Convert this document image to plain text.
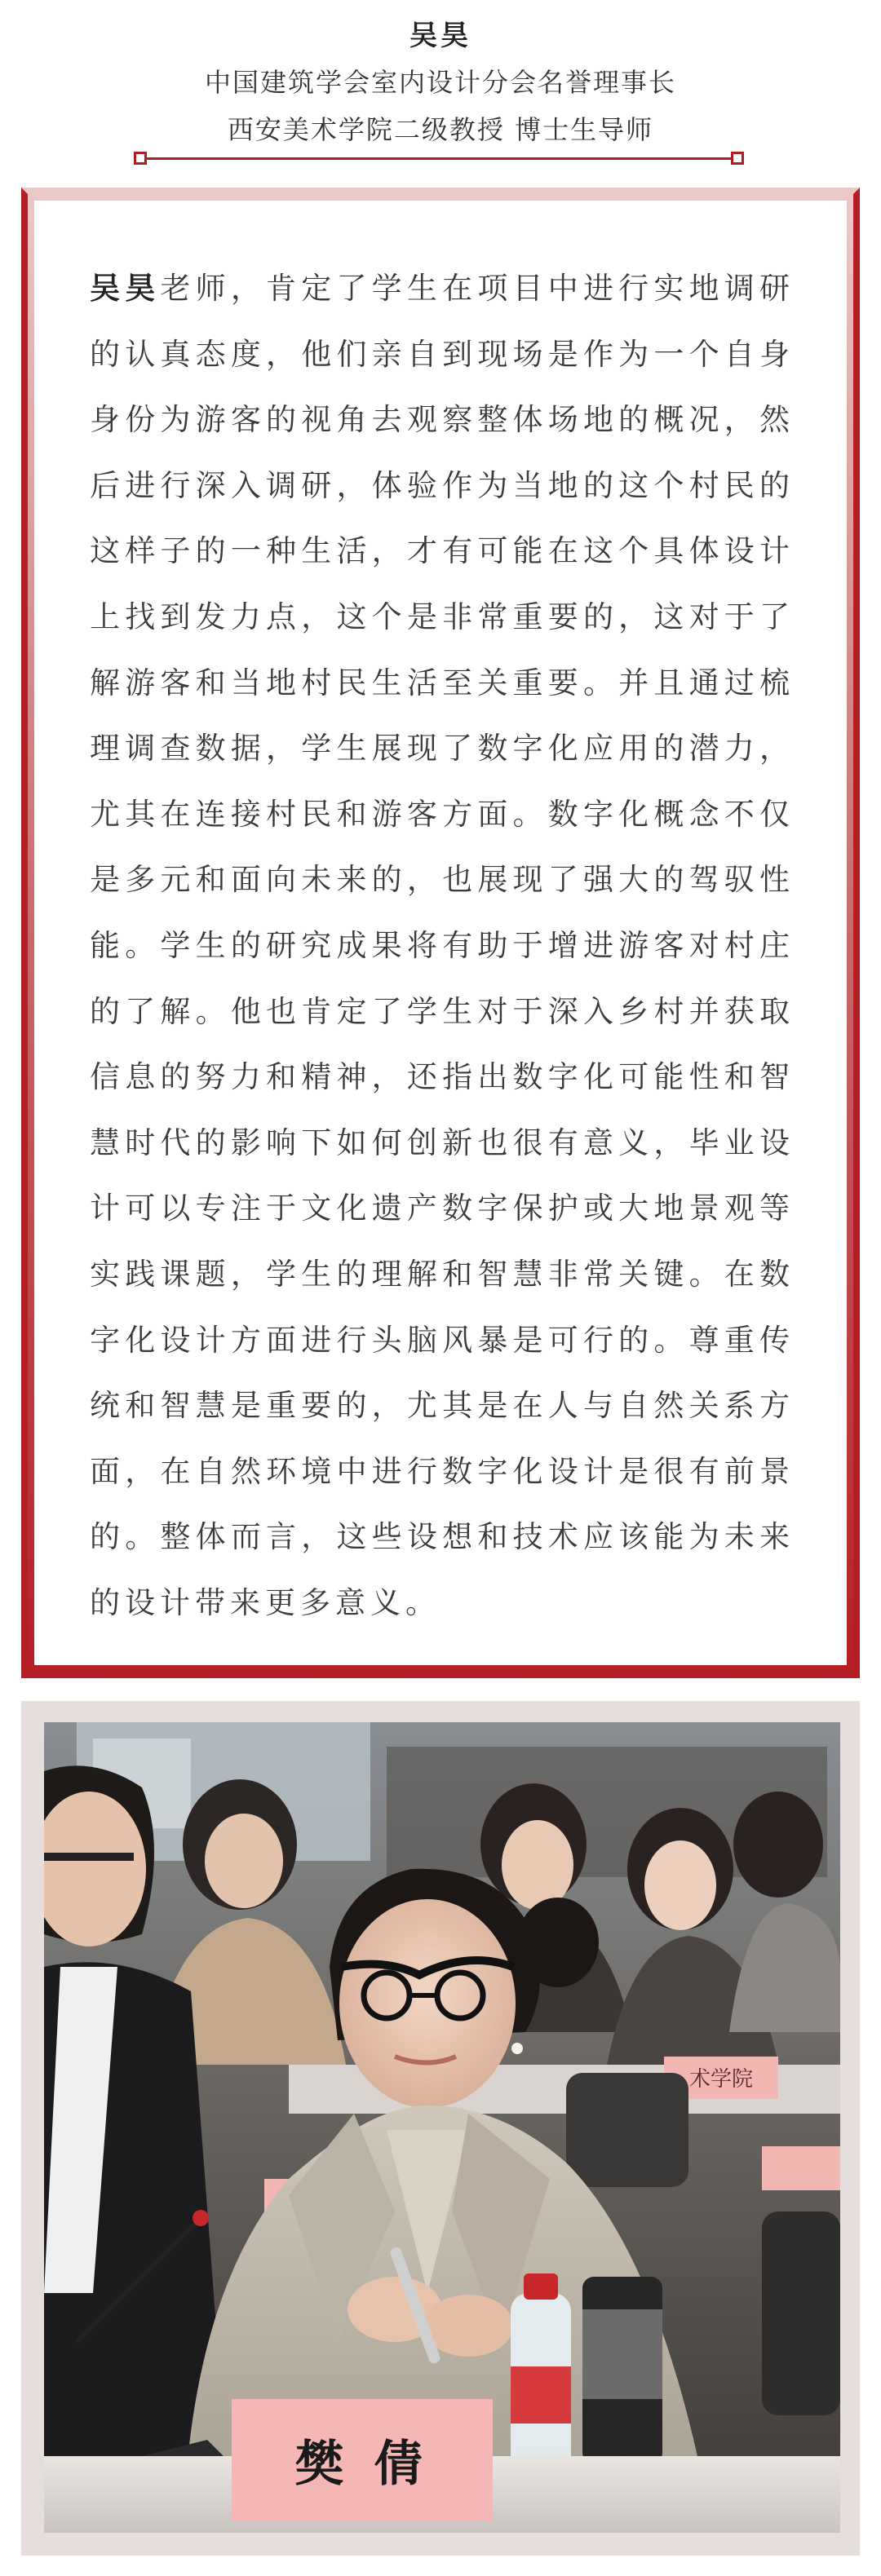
吴昊
中国建筑学会室内设计分会名誉理事长
西安美术学院二级教授 博士生导师

吴昊老师，肯定了学生在项目中进行实地调研的认真态度，他们亲自到现场是作为一个自身身份为游客的视角去观察整体场地的概况，然后进行深入调研，体验作为当地的这个村民的这样子的一种生活，才有可能在这个具体设计上找到发力点，这个是非常重要的，这对于了解游客和当地村民生活至关重要。并且通过梳理调查数据，学生展现了数字化应用的潜力，尤其在连接村民和游客方面。数字化概念不仅是多元和面向未来的，也展现了强大的驾驭性能。学生的研究成果将有助于增进游客对村庄的了解。他也肯定了学生对于深入乡村并获取信息的努力和精神，还指出数字化可能性和智慧时代的影响下如何创新也很有意义，毕业设计可以专注于文化遗产数字保护或大地景观等实践课题，学生的理解和智慧非常关键。在数字化设计方面进行头脑风暴是可行的。尊重传统和智慧是重要的，尤其是在人与自然关系方面，在自然环境中进行数字化设计是很有前景的。整体而言，这些设想和技术应该能为未来的设计带来更多意义。

术学院
樊 倩
